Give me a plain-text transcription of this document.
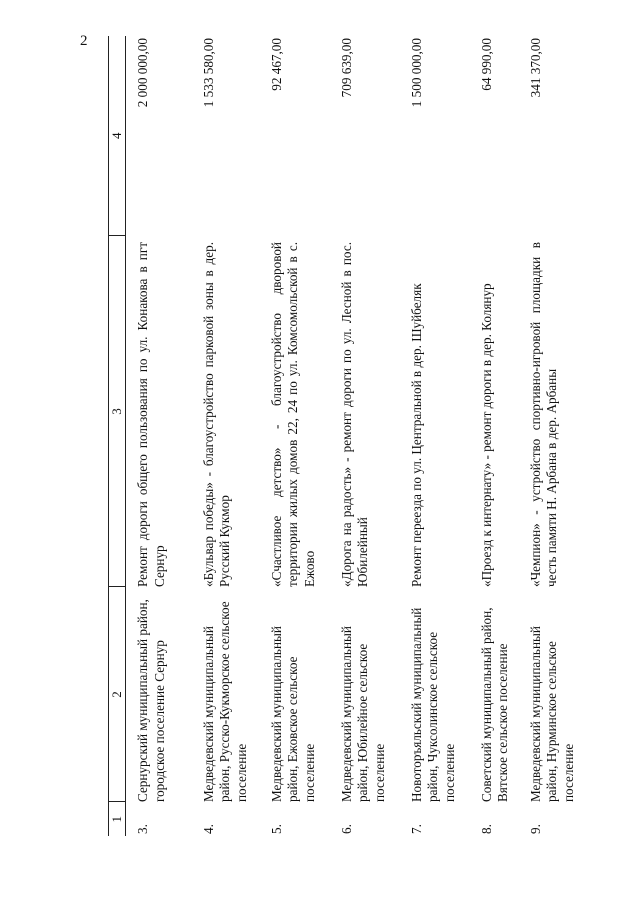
2
1	2	3	4
3.	Сернурский муниципальный район, городское поселение Сернур	Ремонт дороги общего пользования по ул. Конакова в пгт Сернур	2 000 000,00
4.	Медведевский муниципальный район, Русско-Кукморское сельское поселение	«Бульвар победы» - благоустройство парковой зоны в дер. Русский Кукмор	1 533 580,00
5.	Медведевский муниципальный район, Ежовское сельское поселение	«Счастливое детство» - благоустройство дворовой территории жилых домов 22, 24 по ул. Комсомольской в с. Ежово	92 467,00
6.	Медведевский муниципальный район, Юбилейное сельское поселение	«Дорога на радость» - ремонт дороги по ул. Лесной в пос. Юбилейный	709 639,00
7.	Новоторъяльский муниципальный район, Чуксолинское сельское поселение	Ремонт переезда по ул. Центральной в дер. Шуйбеляк	1 500 000,00
8.	Советский муниципальный район, Вятское сельское поселение	«Проезд к интернату» - ремонт дороги в дер. Колянур	64 990,00
9.	Медведевский муниципальный район, Нурминское сельское поселение	«Чемпион» - устройство спортивно-игровой площадки в честь памяти Н. Арбана в дер. Арбаны	341 370,00
